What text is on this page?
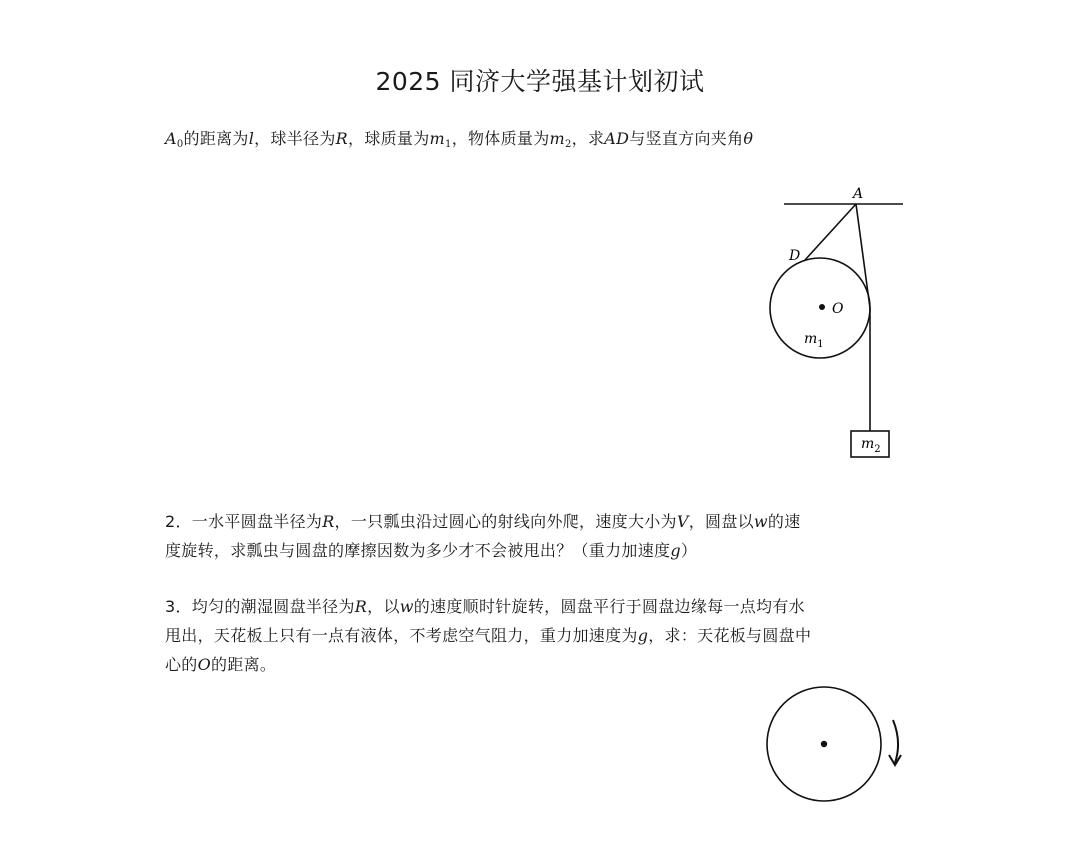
2025 同济大学强基计划初试
$A_0$的距离为l，球半径为R，球质量为$m_1$，物体质量为$m_2$，求AD与竖直方向夹角θ
A
D
O
$m_1$
$m_2$
2．一水平圆盘半径为R，一只瓢虫沿过圆心的射线向外爬，速度大小为V，圆盘以w的速
度旋转，求瓢虫与圆盘的摩擦因数为多少才不会被甩出？（重力加速度g）
3．均匀的潮湿圆盘半径为R，以w的速度顺时针旋转，圆盘平行于圆盘边缘每一点均有水
甩出，天花板上只有一点有液体，不考虑空气阻力，重力加速度为g，求：天花板与圆盘中
心的O的距离。
